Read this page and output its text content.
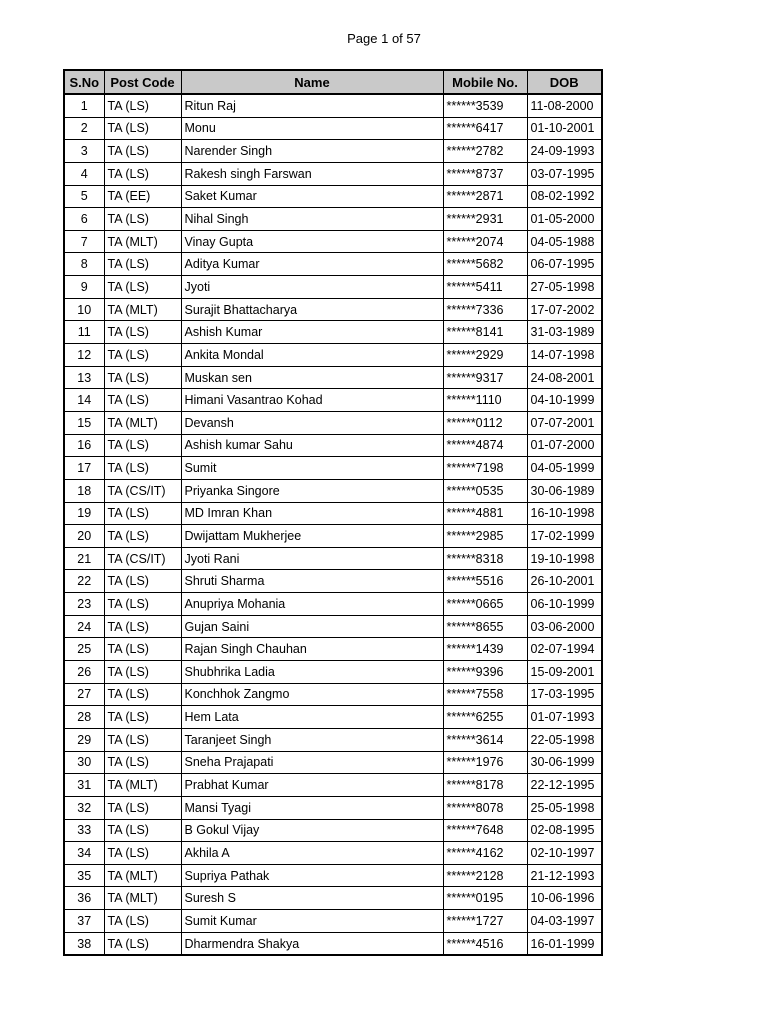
Page 1 of 57
S.No	Post Code	Name	Mobile No.	DOB
1	TA (LS)	Ritun Raj	******3539	11-08-2000
2	TA (LS)	Monu	******6417	01-10-2001
3	TA (LS)	Narender Singh	******2782	24-09-1993
4	TA (LS)	Rakesh singh Farswan	******8737	03-07-1995
5	TA (EE)	Saket Kumar	******2871	08-02-1992
6	TA (LS)	Nihal Singh	******2931	01-05-2000
7	TA (MLT)	Vinay Gupta	******2074	04-05-1988
8	TA (LS)	Aditya Kumar	******5682	06-07-1995
9	TA (LS)	Jyoti	******5411	27-05-1998
10	TA (MLT)	Surajit Bhattacharya	******7336	17-07-2002
11	TA (LS)	Ashish Kumar	******8141	31-03-1989
12	TA (LS)	Ankita Mondal	******2929	14-07-1998
13	TA (LS)	Muskan sen	******9317	24-08-2001
14	TA (LS)	Himani Vasantrao Kohad	******1110	04-10-1999
15	TA (MLT)	Devansh	******0112	07-07-2001
16	TA (LS)	Ashish kumar Sahu	******4874	01-07-2000
17	TA (LS)	Sumit	******7198	04-05-1999
18	TA (CS/IT)	Priyanka Singore	******0535	30-06-1989
19	TA (LS)	MD Imran Khan	******4881	16-10-1998
20	TA (LS)	Dwijattam Mukherjee	******2985	17-02-1999
21	TA (CS/IT)	Jyoti Rani	******8318	19-10-1998
22	TA (LS)	Shruti Sharma	******5516	26-10-2001
23	TA (LS)	Anupriya Mohania	******0665	06-10-1999
24	TA (LS)	Gujan Saini	******8655	03-06-2000
25	TA (LS)	Rajan Singh Chauhan	******1439	02-07-1994
26	TA (LS)	Shubhrika Ladia	******9396	15-09-2001
27	TA (LS)	Konchhok Zangmo	******7558	17-03-1995
28	TA (LS)	Hem Lata	******6255	01-07-1993
29	TA (LS)	Taranjeet Singh	******3614	22-05-1998
30	TA (LS)	Sneha Prajapati	******1976	30-06-1999
31	TA (MLT)	Prabhat Kumar	******8178	22-12-1995
32	TA (LS)	Mansi Tyagi	******8078	25-05-1998
33	TA (LS)	B Gokul Vijay	******7648	02-08-1995
34	TA (LS)	Akhila A	******4162	02-10-1997
35	TA (MLT)	Supriya Pathak	******2128	21-12-1993
36	TA (MLT)	Suresh S	******0195	10-06-1996
37	TA (LS)	Sumit Kumar	******1727	04-03-1997
38	TA (LS)	Dharmendra Shakya	******4516	16-01-1999
